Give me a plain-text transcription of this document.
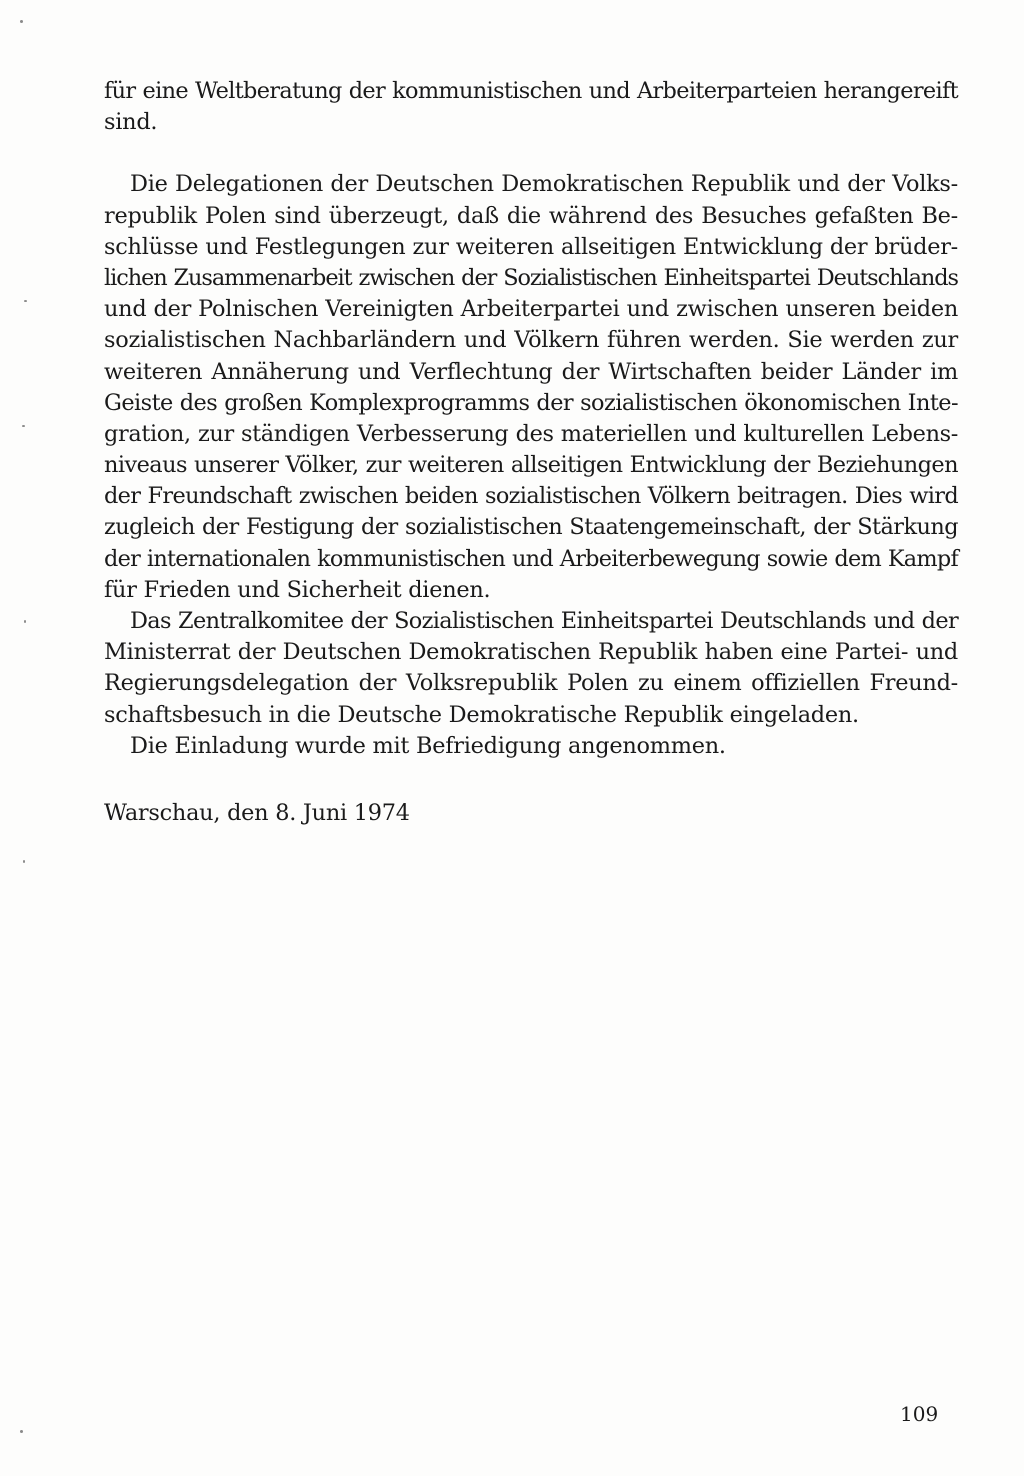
für eine Weltberatung der kommunistischen und Arbeiterparteien herangereift
sind.
Die Delegationen der Deutschen Demokratischen Republik und der Volks-
republik Polen sind überzeugt, daß die während des Besuches gefaßten Be-
schlüsse und Festlegungen zur weiteren allseitigen Entwicklung der brüder-
lichen Zusammenarbeit zwischen der Sozialistischen Einheitspartei Deutschlands
und der Polnischen Vereinigten Arbeiterpartei und zwischen unseren beiden
sozialistischen Nachbarländern und Völkern führen werden. Sie werden zur
weiteren Annäherung und Verflechtung der Wirtschaften beider Länder im
Geiste des großen Komplexprogramms der sozialistischen ökonomischen Inte-
gration, zur ständigen Verbesserung des materiellen und kulturellen Lebens-
niveaus unserer Völker, zur weiteren allseitigen Entwicklung der Beziehungen
der Freundschaft zwischen beiden sozialistischen Völkern beitragen. Dies wird
zugleich der Festigung der sozialistischen Staatengemeinschaft, der Stärkung
der internationalen kommunistischen und Arbeiterbewegung sowie dem Kampf
für Frieden und Sicherheit dienen.
Das Zentralkomitee der Sozialistischen Einheitspartei Deutschlands und der
Ministerrat der Deutschen Demokratischen Republik haben eine Partei- und
Regierungsdelegation der Volksrepublik Polen zu einem offiziellen Freund-
schaftsbesuch in die Deutsche Demokratische Republik eingeladen.
Die Einladung wurde mit Befriedigung angenommen.
Warschau, den 8. Juni 1974
109
